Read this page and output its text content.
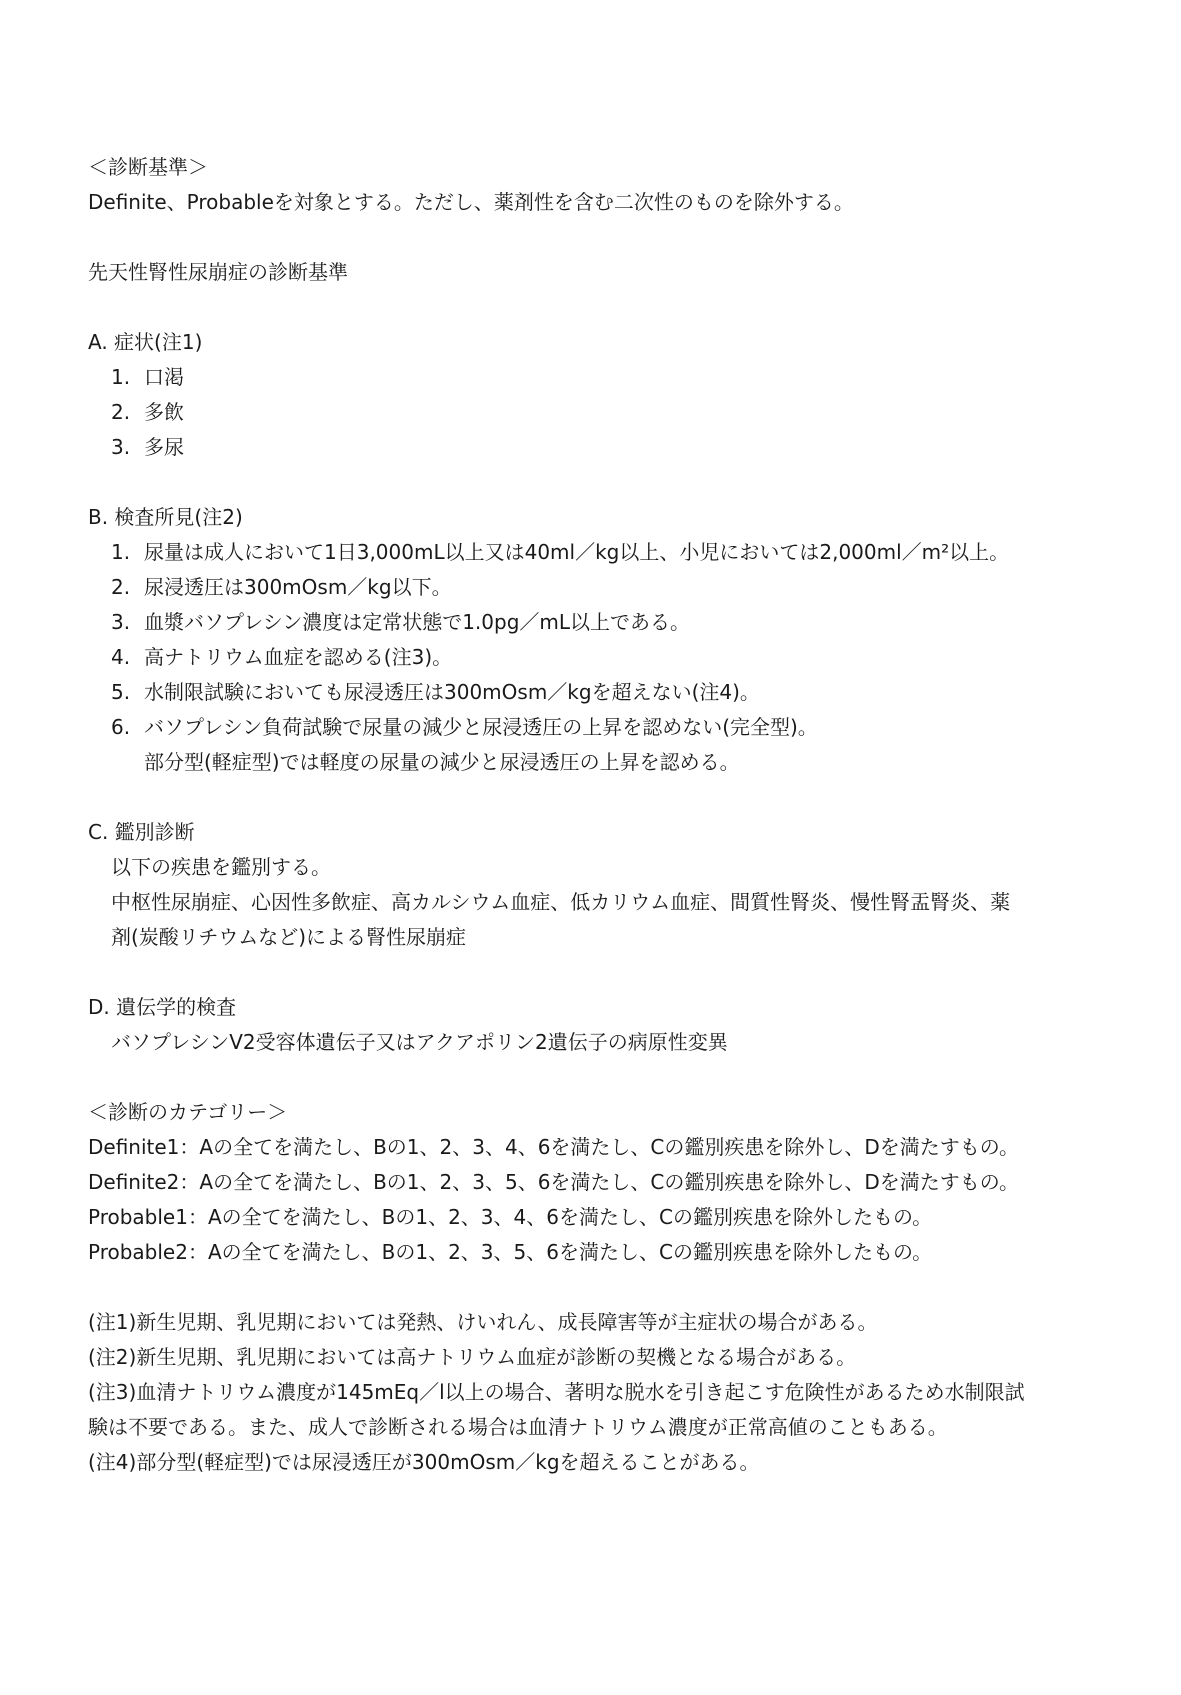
＜診断基準＞

Definite、Probableを対象とする。ただし、薬剤性を含む二次性のものを除外する。

先天性腎性尿崩症の診断基準

A. 症状(注1)

1. 口渇

2. 多飲

3. 多尿

B. 検査所見(注2)

1. 尿量は成人において1日3,000mL以上又は40ml／kg以上、小児においては2,000ml／m²以上。

2. 尿浸透圧は300mOsm／kg以下。

3. 血漿バソプレシン濃度は定常状態で1.0pg／mL以上である。

4. 高ナトリウム血症を認める(注3)。

5. 水制限試験においても尿浸透圧は300mOsm／kgを超えない(注4)。

6. バソプレシン負荷試験で尿量の減少と尿浸透圧の上昇を認めない(完全型)。

部分型(軽症型)では軽度の尿量の減少と尿浸透圧の上昇を認める。

C. 鑑別診断

以下の疾患を鑑別する。

中枢性尿崩症、心因性多飲症、高カルシウム血症、低カリウム血症、間質性腎炎、慢性腎盂腎炎、薬

剤(炭酸リチウムなど)による腎性尿崩症

D. 遺伝学的検査

バソプレシンV2受容体遺伝子又はアクアポリン2遺伝子の病原性変異

＜診断のカテゴリー＞

Definite1：Aの全てを満たし、Bの1、2、3、4、6を満たし、Cの鑑別疾患を除外し、Dを満たすもの。

Definite2：Aの全てを満たし、Bの1、2、3、5、6を満たし、Cの鑑別疾患を除外し、Dを満たすもの。

Probable1：Aの全てを満たし、Bの1、2、3、4、6を満たし、Cの鑑別疾患を除外したもの。

Probable2：Aの全てを満たし、Bの1、2、3、5、6を満たし、Cの鑑別疾患を除外したもの。

(注1)新生児期、乳児期においては発熱、けいれん、成長障害等が主症状の場合がある。

(注2)新生児期、乳児期においては高ナトリウム血症が診断の契機となる場合がある。

(注3)血清ナトリウム濃度が145mEq／l以上の場合、著明な脱水を引き起こす危険性があるため水制限試

験は不要である。また、成人で診断される場合は血清ナトリウム濃度が正常高値のこともある。

(注4)部分型(軽症型)では尿浸透圧が300mOsm／kgを超えることがある。
